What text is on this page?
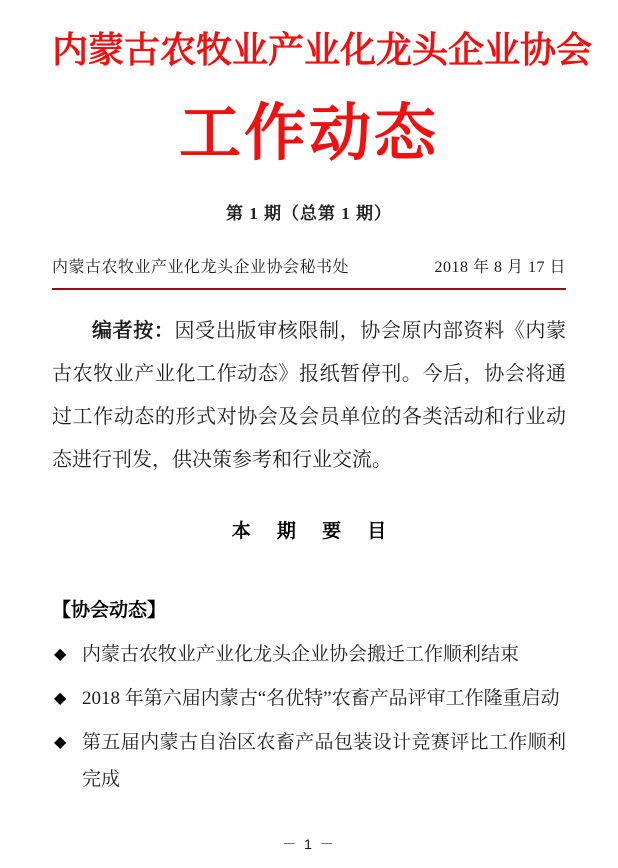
内蒙古农牧业产业化龙头企业协会
工作动态
第 1 期（总第 1 期）
内蒙古农牧业产业化龙头企业协会秘书处	2018 年 8 月 17 日

编者按：因受出版审核限制，协会原内部资料《内蒙古农牧业产业化工作动态》报纸暂停刊。今后，协会将通过工作动态的形式对协会及会员单位的各类活动和行业动态进行刊发，供决策参考和行业交流。

本 期 要 目
【协会动态】
◆ 内蒙古农牧业产业化龙头企业协会搬迁工作顺利结束
◆ 2018 年第六届内蒙古“名优特”农畜产品评审工作隆重启动
◆ 第五届内蒙古自治区农畜产品包装设计竞赛评比工作顺利完成
－ 1 －
